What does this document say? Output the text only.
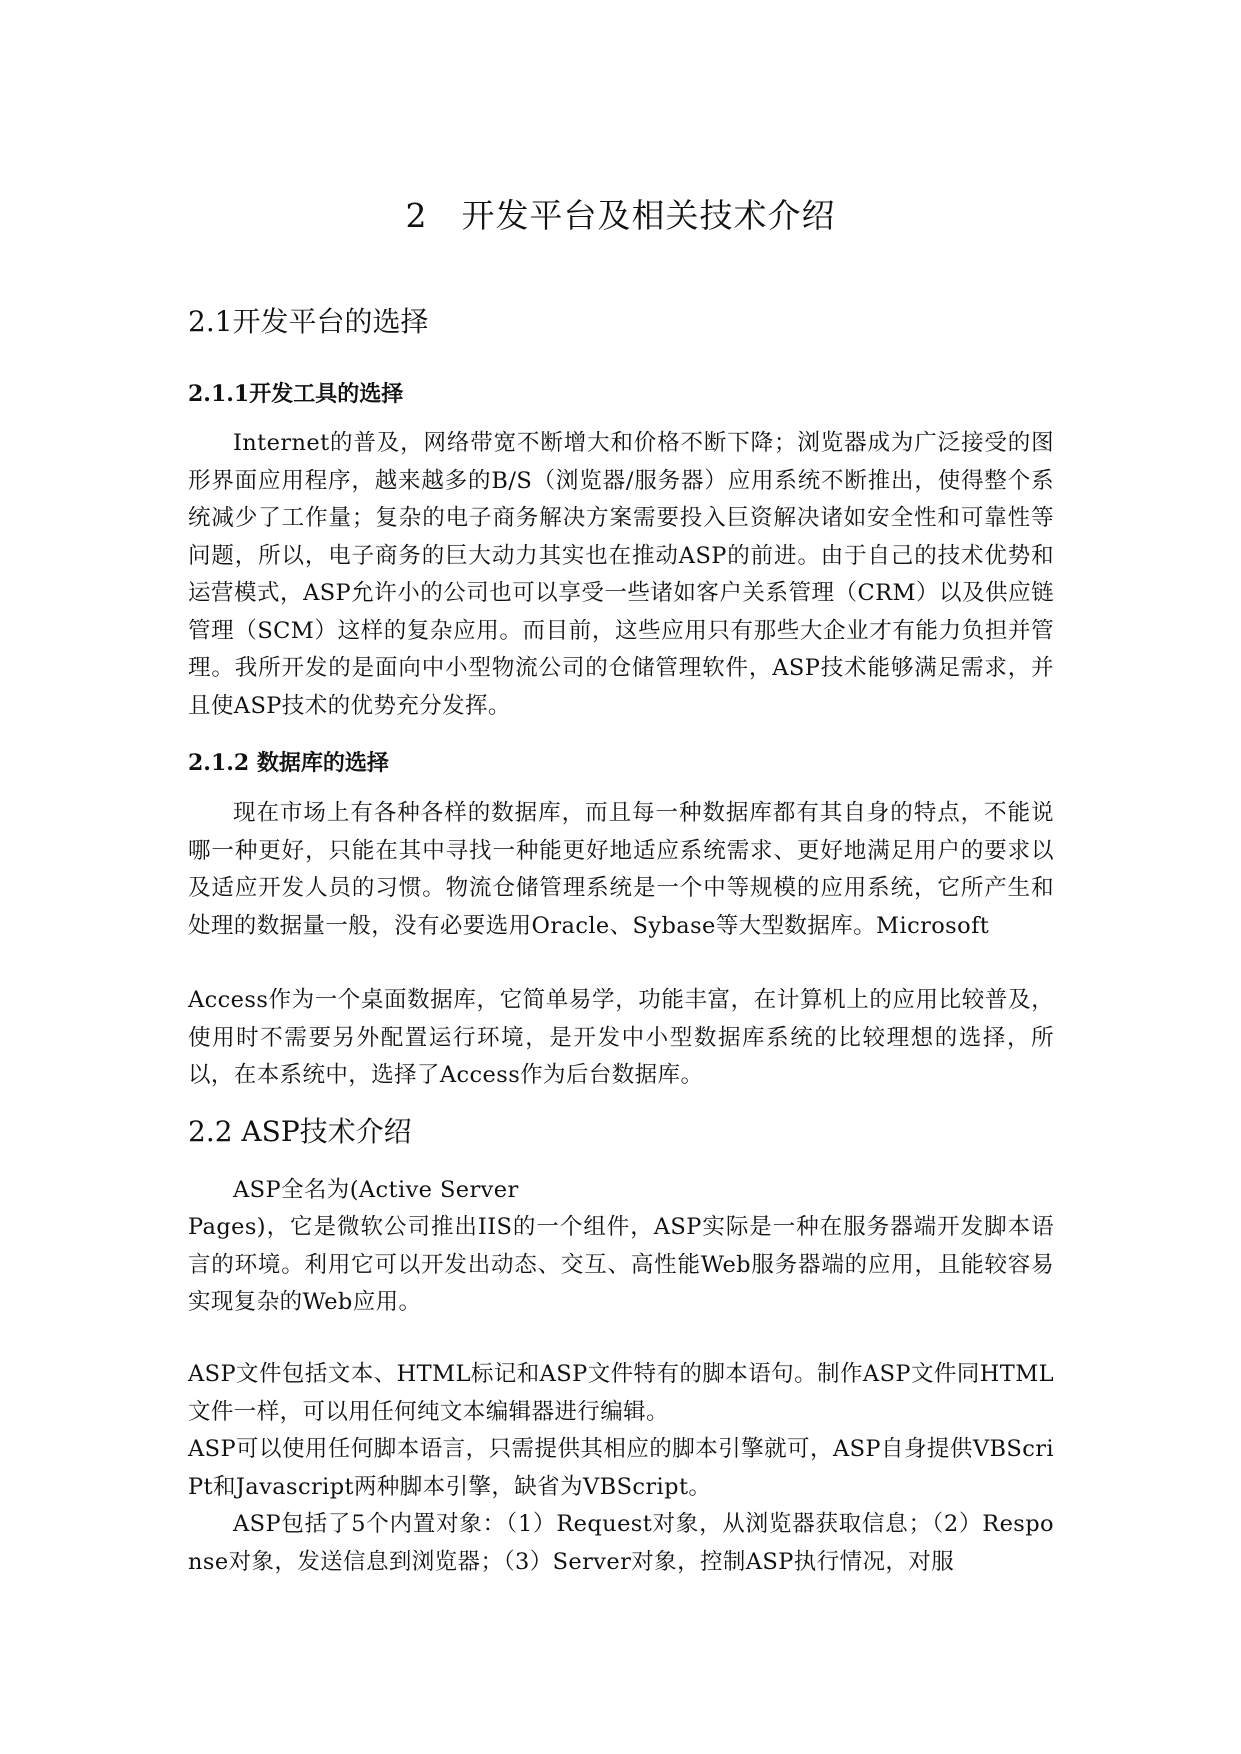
2　开发平台及相关技术介绍
2.1开发平台的选择
2.1.1开发工具的选择

Internet的普及，网络带宽不断增大和价格不断下降；浏览器成为广泛接受的图形界面应用程序，越来越多的B/S（浏览器/服务器）应用系统不断推出，使得整个系统减少了工作量；复杂的电子商务解决方案需要投入巨资解决诸如安全性和可靠性等问题，所以，电子商务的巨大动力其实也在推动ASP的前进。由于自己的技术优势和运营模式，ASP允许小的公司也可以享受一些诸如客户关系管理（CRM）以及供应链管理（SCM）这样的复杂应用。而目前，这些应用只有那些大企业才有能力负担并管理。我所开发的是面向中小型物流公司的仓储管理软件，ASP技术能够满足需求，并且使ASP技术的优势充分发挥。

2.1.2 数据库的选择

现在市场上有各种各样的数据库，而且每一种数据库都有其自身的特点，不能说哪一种更好，只能在其中寻找一种能更好地适应系统需求、更好地满足用户的要求以及适应开发人员的习惯。物流仓储管理系统是一个中等规模的应用系统，它所产生和处理的数据量一般，没有必要选用Oracle、Sybase等大型数据库。Microsoft

Access作为一个桌面数据库，它简单易学，功能丰富，在计算机上的应用比较普及，使用时不需要另外配置运行环境，是开发中小型数据库系统的比较理想的选择，所以，在本系统中，选择了Access作为后台数据库。

2.2 ASP技术介绍

ASP全名为(Active Server

Pages)，它是微软公司推出IIS的一个组件，ASP实际是一种在服务器端开发脚本语言的环境。利用它可以开发出动态、交互、高性能Web服务器端的应用，且能较容易实现复杂的Web应用。

ASP文件包括文本、HTML标记和ASP文件特有的脚本语句。制作ASP文件同HTML文件一样，可以用任何纯文本编辑器进行编辑。

ASP可以使用任何脚本语言，只需提供其相应的脚本引擎就可，ASP自身提供VBScriPt和Javascript两种脚本引擎，缺省为VBScript。

ASP包括了5个内置对象：（1）Request对象，从浏览器获取信息；（2）Response对象，发送信息到浏览器；（3）Server对象，控制ASP执行情况，对服
